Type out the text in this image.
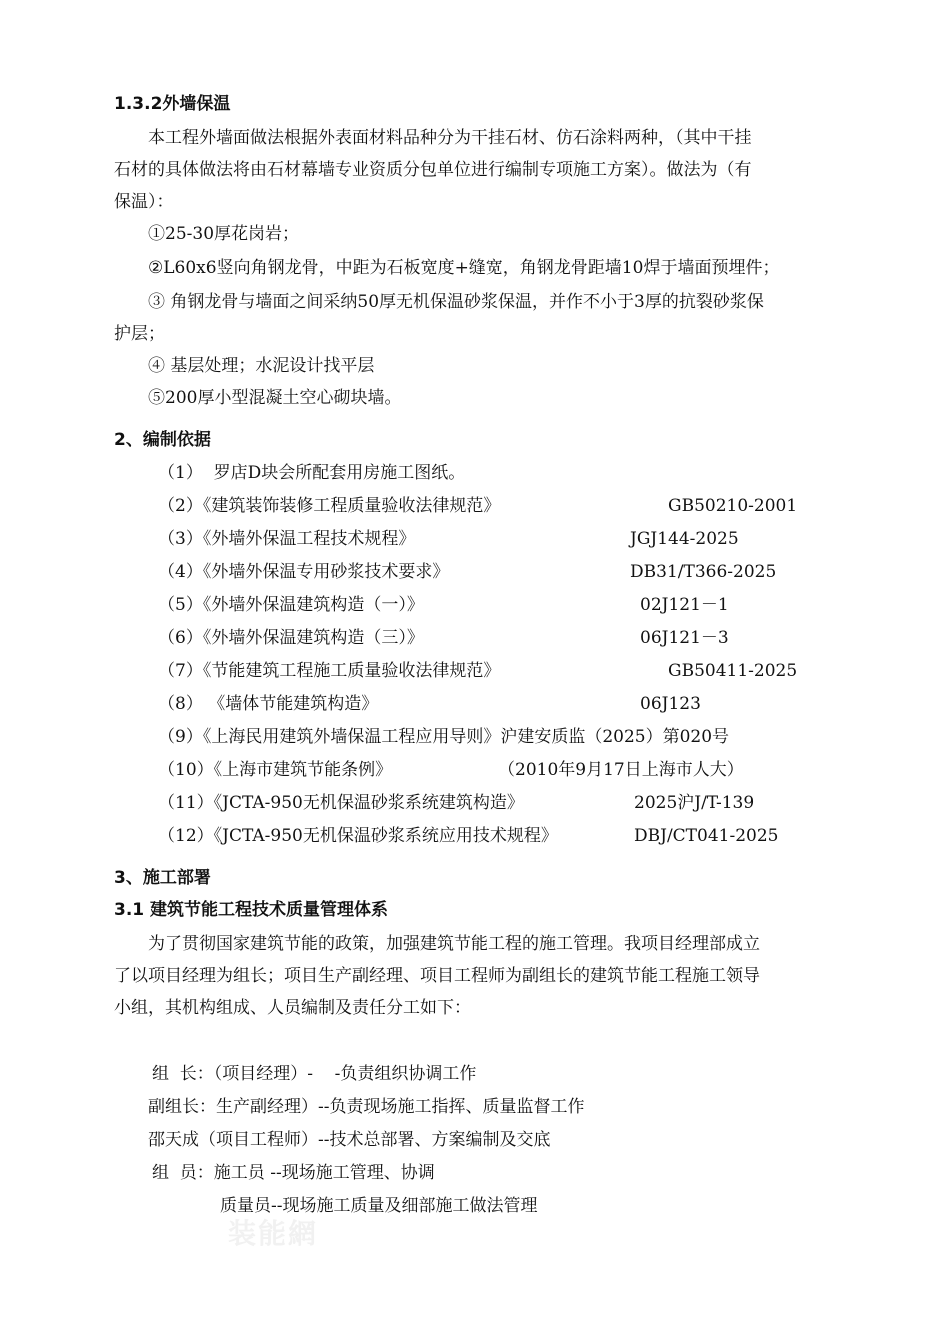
1.3.2外墙保温
本工程外墙面做法根据外表面材料品种分为干挂石材、仿石涂料两种，（其中干挂
石材的具体做法将由石材幕墙专业资质分包单位进行编制专项施工方案）。做法为（有
保温）：
①25-30厚花岗岩；
②L60x6竖向角钢龙骨，中距为石板宽度+缝宽，角钢龙骨距墙10焊于墙面预埋件；
③ 角钢龙骨与墙面之间采纳50厚无机保温砂浆保温，并作不小于3厚的抗裂砂浆保
护层；
④ 基层处理；水泥设计找平层
⑤200厚小型混凝土空心砌块墙。
2、编制依据
（1）  罗店D块会所配套用房施工图纸。
（2）《建筑装饰装修工程质量验收法律规范》	GB50210-2001
（3）《外墙外保温工程技术规程》	JGJ144-2025
（4）《外墙外保温专用砂浆技术要求》	DB31/T366-2025
（5）《外墙外保温建筑构造（一）》	02J121－1
（6）《外墙外保温建筑构造（三）》	06J121－3
（7）《节能建筑工程施工质量验收法律规范》	GB50411-2025
（8） 《墙体节能建筑构造》	06J123
（9）《上海民用建筑外墙保温工程应用导则》沪建安质监（2025）第020号
（10）《上海市建筑节能条例》	（2010年9月17日上海市人大）
（11）《JCTA-950无机保温砂浆系统建筑构造》	2025沪J/T-139
（12）《JCTA-950无机保温砂浆系统应用技术规程》	DBJ/CT041-2025
3、施工部署
3.1 建筑节能工程技术质量管理体系
为了贯彻国家建筑节能的政策，加强建筑节能工程的施工管理。我项目经理部成立
了以项目经理为组长；项目生产副经理、项目工程师为副组长的建筑节能工程施工领导
小组，其机构组成、人员编制及责任分工如下：
组  长：（项目经理）-    -负责组织协调工作
副组长：生产副经理）--负责现场施工指挥、质量监督工作
邵天成（项目工程师）--技术总部署、方案编制及交底
组  员：施工员 --现场施工管理、协调
质量员--现场施工质量及细部施工做法管理
装能網
